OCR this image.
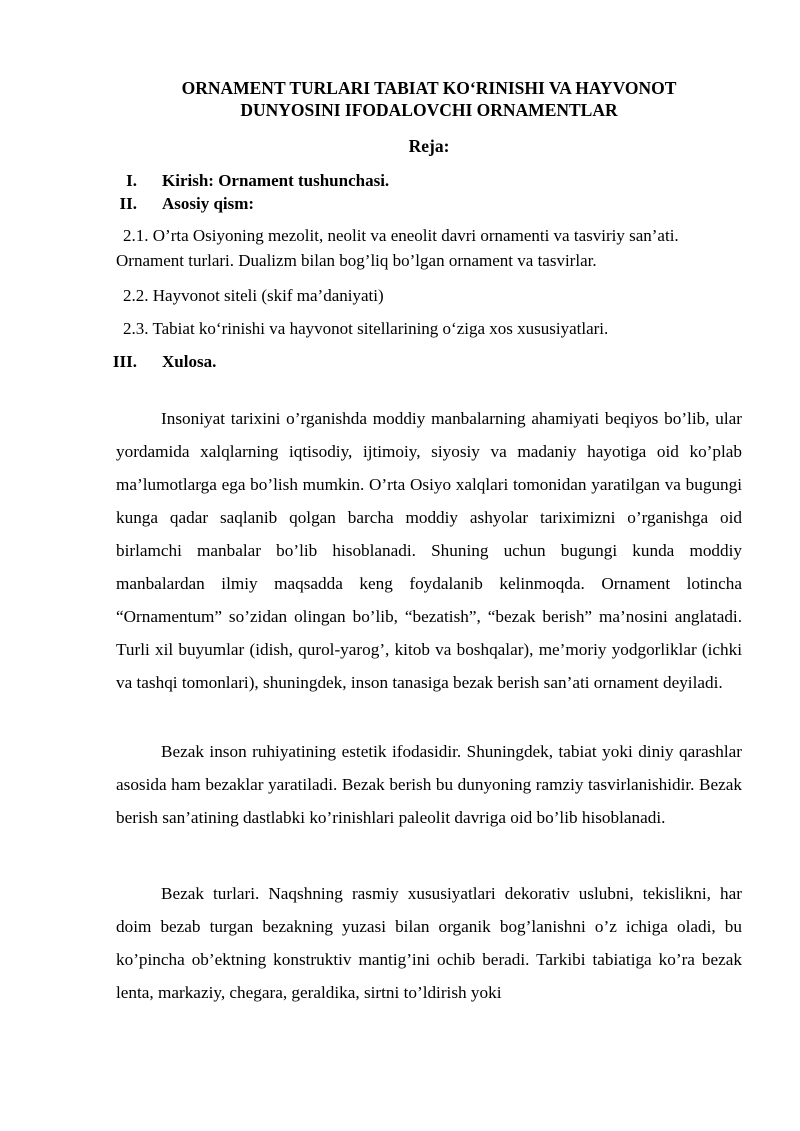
ORNAMENT TURLARI TABIAT KO‘RINISHI VA HAYVONOT
DUNYOSINI IFODALOVCHI ORNAMENTLAR
Reja:
I. Kirish: Ornament tushunchasi.
II. Asosiy qism:
2.1. O’rta Osiyoning mezolit, neolit va eneolit davri ornamenti va tasviriy san’ati.
Ornament turlari. Dualizm bilan bog’liq bo’lgan ornament va tasvirlar.
2.2. Hayvonot siteli (skif ma’daniyati)
2.3. Tabiat ko‘rinishi va hayvonot sitellarining o‘ziga xos xususiyatlari.
III. Xulosa.

Insoniyat tarixini o’rganishda moddiy manbalarning ahamiyati beqiyos bo’lib, ular yordamida xalqlarning iqtisodiy, ijtimoiy, siyosiy va madaniy hayotiga oid ko’plab ma’lumotlarga ega bo’lish mumkin. O’rta Osiyo xalqlari tomonidan yaratilgan va bugungi kunga qadar saqlanib qolgan barcha moddiy ashyolar tariximizni o’rganishga oid birlamchi manbalar bo’lib hisoblanadi. Shuning uchun bugungi kunda moddiy manbalardan ilmiy maqsadda keng foydalanib kelinmoqda. Ornament lotincha “Ornamentum” so’zidan olingan bo’lib, “bezatish”, “bezak berish” ma’nosini anglatadi. Turli xil buyumlar (idish, qurol-yarog’, kitob va boshqalar), me’moriy yodgorliklar (ichki va tashqi tomonlari), shuningdek, inson tanasiga bezak berish san’ati ornament deyiladi.

Bezak inson ruhiyatining estetik ifodasidir. Shuningdek, tabiat yoki diniy qarashlar asosida ham bezaklar yaratiladi. Bezak berish bu dunyoning ramziy tasvirlanishidir. Bezak berish san’atining dastlabki ko’rinishlari paleolit davriga oid bo’lib hisoblanadi.

Bezak turlari. Naqshning rasmiy xususiyatlari dekorativ uslubni, tekislikni, har doim bezab turgan bezakning yuzasi bilan organik bog’lanishni o’z ichiga oladi, bu ko’pincha ob’ektning konstruktiv mantig’ini ochib beradi. Tarkibi tabiatiga ko’ra bezak lenta, markaziy, chegara, geraldika, sirtni to’ldirish yoki
